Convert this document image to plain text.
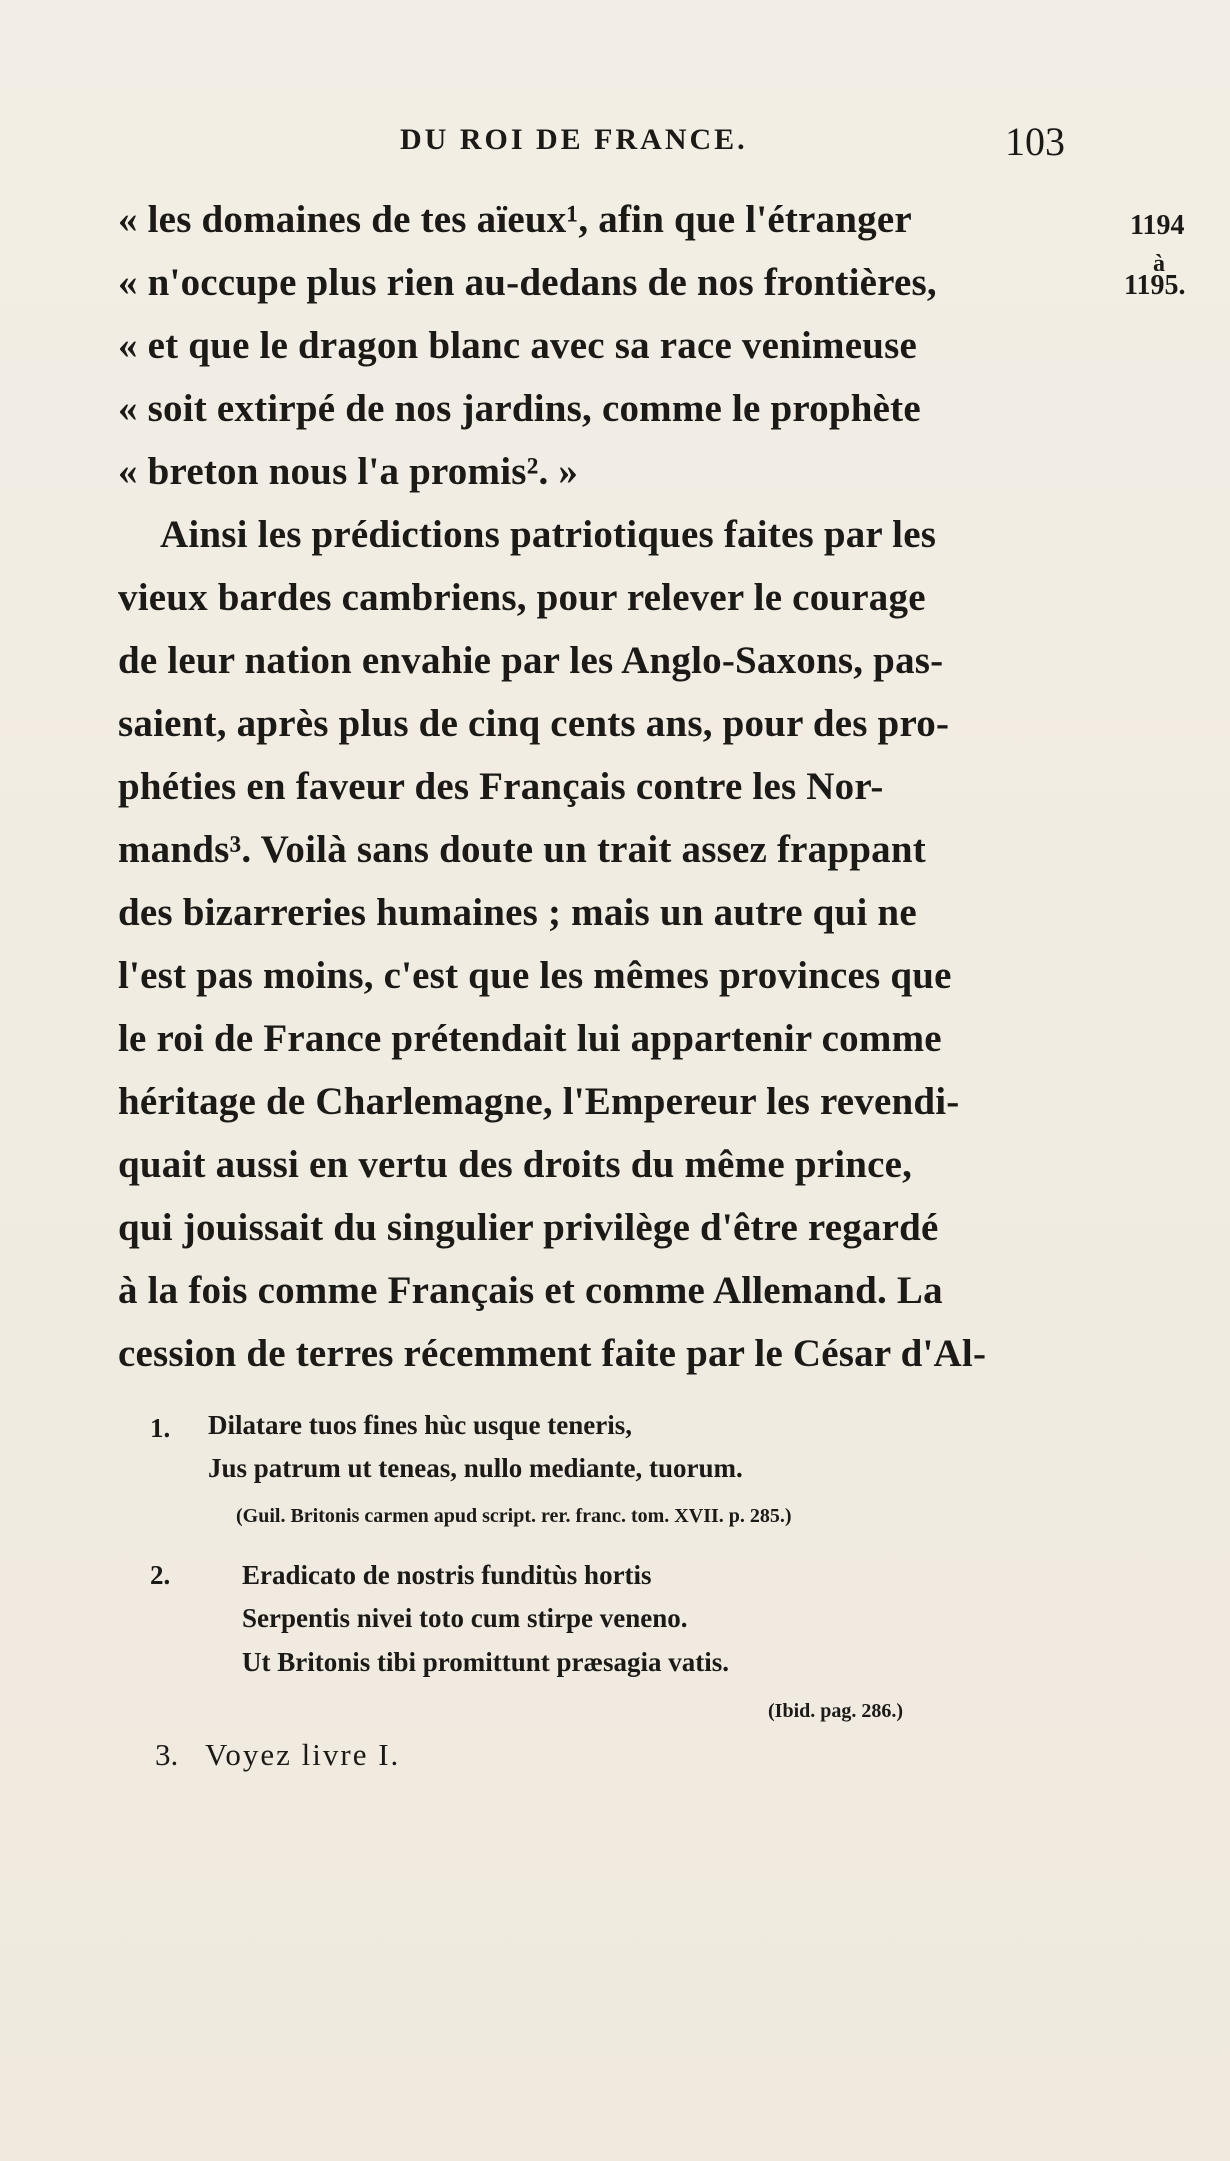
DU ROI DE FRANCE.	103
1194
à
1195.
« les domaines de tes aïeux¹, afin que l'étranger
« n'occupe plus rien au-dedans de nos frontières,
« et que le dragon blanc avec sa race venimeuse
« soit extirpé de nos jardins, comme le prophète
« breton nous l'a promis². »
Ainsi les prédictions patriotiques faites par les
vieux bardes cambriens, pour relever le courage
de leur nation envahie par les Anglo-Saxons, pas-
saient, après plus de cinq cents ans, pour des pro-
phéties en faveur des Français contre les Nor-
mands³. Voilà sans doute un trait assez frappant
des bizarreries humaines ; mais un autre qui ne
l'est pas moins, c'est que les mêmes provinces que
le roi de France prétendait lui appartenir comme
héritage de Charlemagne, l'Empereur les revendi-
quait aussi en vertu des droits du même prince,
qui jouissait du singulier privilège d'être regardé
à la fois comme Français et comme Allemand. La
cession de terres récemment faite par le César d'Al-
1. Dilatare tuos fines hùc usque teneris,
Jus patrum ut teneas, nullo mediante, tuorum.
(Guil. Britonis carmen apud script. rer. franc. tom. XVII. p. 285.)
2.	Eradicato de nostris funditùs hortis
Serpentis nivei toto cum stirpe veneno.
Ut Britonis tibi promittunt præsagia vatis.
(Ibid. pag. 286.)
3. Voyez livre I.
